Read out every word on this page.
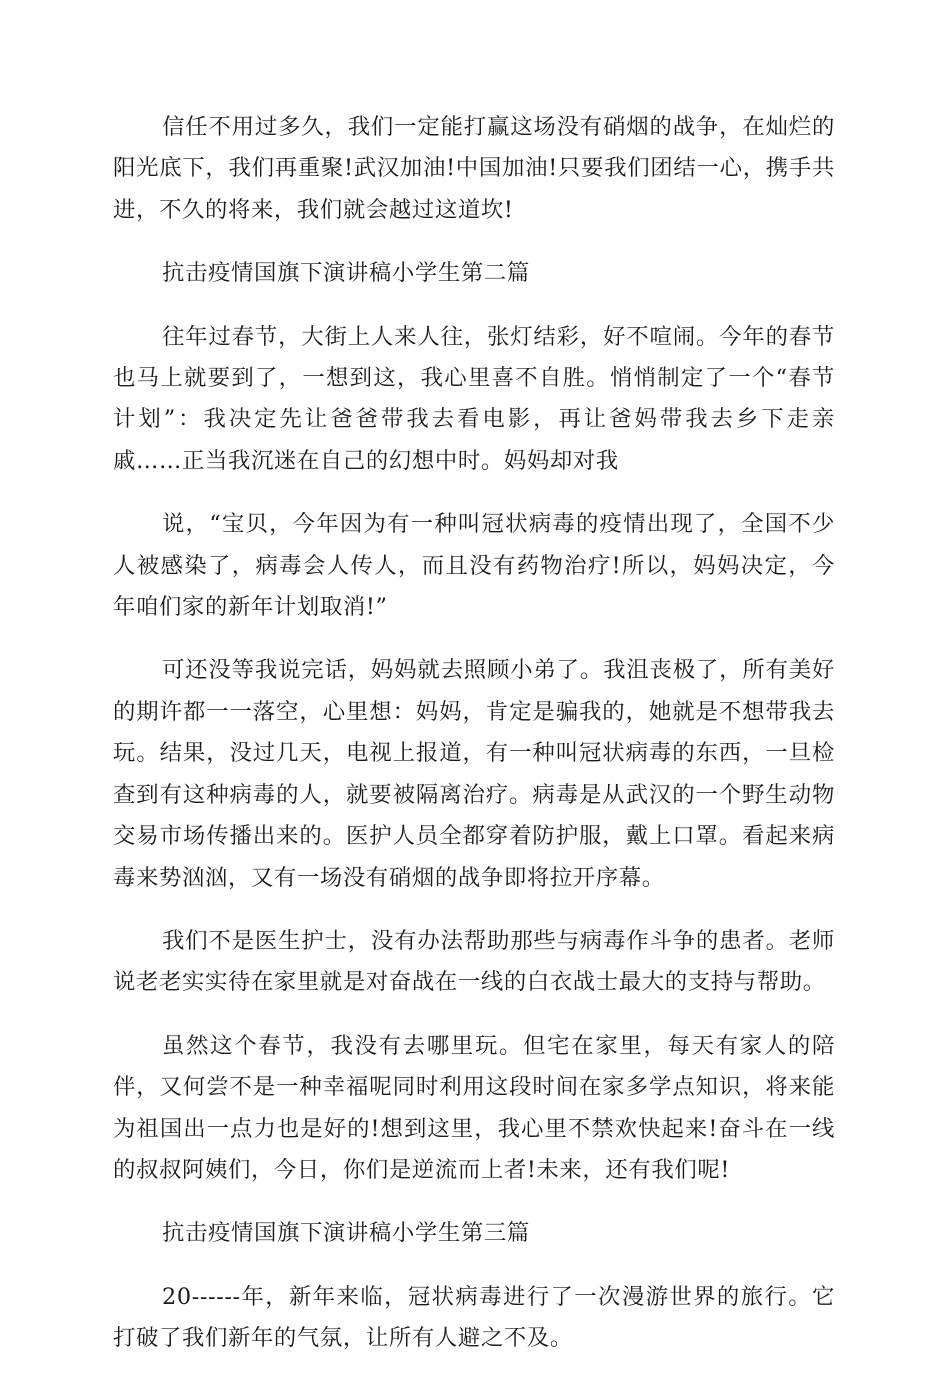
信任不用过多久，我们一定能打赢这场没有硝烟的战争，在灿烂的阳光底下，我们再重聚!武汉加油!中国加油!只要我们团结一心，携手共进，不久的将来，我们就会越过这道坎!

抗击疫情国旗下演讲稿小学生第二篇

往年过春节，大街上人来人往，张灯结彩，好不喧闹。今年的春节也马上就要到了，一想到这，我心里喜不自胜。悄悄制定了一个“春节计划”：我决定先让爸爸带我去看电影，再让爸妈带我去乡下走亲戚……正当我沉迷在自己的幻想中时。妈妈却对我

说，“宝贝，今年因为有一种叫冠状病毒的疫情出现了，全国不少人被感染了，病毒会人传人，而且没有药物治疗!所以，妈妈决定，今年咱们家的新年计划取消!”

可还没等我说完话，妈妈就去照顾小弟了。我沮丧极了，所有美好的期许都一一落空，心里想：妈妈，肯定是骗我的，她就是不想带我去玩。结果，没过几天，电视上报道，有一种叫冠状病毒的东西，一旦检查到有这种病毒的人，就要被隔离治疗。病毒是从武汉的一个野生动物交易市场传播出来的。医护人员全都穿着防护服，戴上口罩。看起来病毒来势汹汹，又有一场没有硝烟的战争即将拉开序幕。

我们不是医生护士，没有办法帮助那些与病毒作斗争的患者。老师说老老实实待在家里就是对奋战在一线的白衣战士最大的支持与帮助。

虽然这个春节，我没有去哪里玩。但宅在家里，每天有家人的陪伴，又何尝不是一种幸福呢同时利用这段时间在家多学点知识，将来能为祖国出一点力也是好的!想到这里，我心里不禁欢快起来!奋斗在一线的叔叔阿姨们，今日，你们是逆流而上者!未来，还有我们呢!

抗击疫情国旗下演讲稿小学生第三篇

20------年，新年来临，冠状病毒进行了一次漫游世界的旅行。它打破了我们新年的气氛，让所有人避之不及。
